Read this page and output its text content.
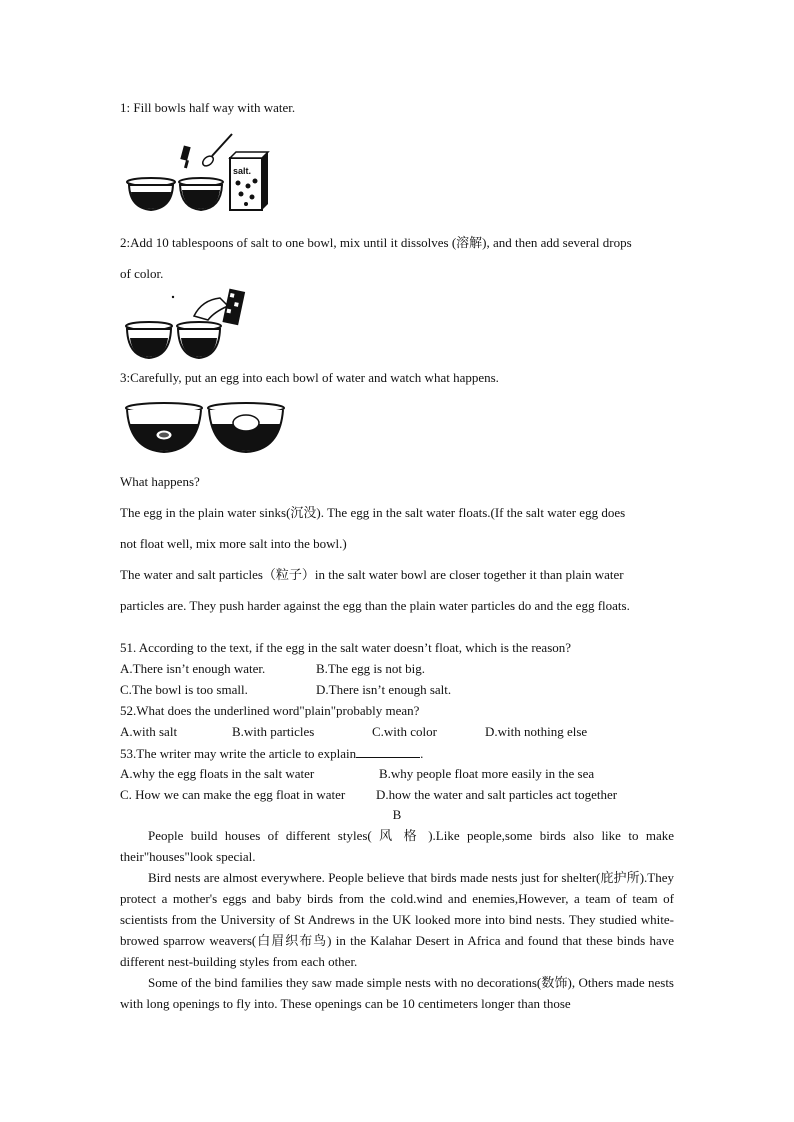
1: Fill bowls half way with water.
salt.
2:Add 10 tablespoons of salt to one bowl, mix until it dissolves (溶解), and then add several drops
of color.
3:Carefully, put an egg into each bowl of water and watch what happens.
What happens?
The egg in the plain water sinks(沉没). The egg in the salt water floats.(If the salt water egg does
not float well, mix more salt into the bowl.)
The water and salt particles（粒子）in the salt water bowl are closer together it than plain water
particles are. They push harder against the egg than the plain water particles do and the egg floats.
51. According to the text, if the egg in the salt water doesn’t float, which is the reason?
A.There isn’t enough water.	B.The egg is not big.
C.The bowl is too small.	D.There isn’t enough salt.
52.What does the underlined word"plain"probably mean?
A.with salt	B.with particles	C.with color	D.with nothing else
53.The writer may write the article to explain	.
A.why the egg floats in the salt water	B.why people float more easily in the sea
C. How we can make the egg float in water D.how the water and salt particles act together
B
People build houses of different styles( 风 格 ).Like people,some birds also like to make their"houses"look special.
Bird nests are almost everywhere. People believe that birds made nests just for shelter(庇护所).They protect a mother's eggs and baby birds from the cold.wind and enemies,However, a team of team of scientists from the University of St Andrews in the UK looked more into bind nests. They studied white-browed sparrow weavers(白眉织布鸟) in the Kalahar Desert in Africa and found that these binds have different nest-building styles from each other.
Some of the bind families they saw made simple nests with no decorations(数饰), Others made nests with long openings to fly into. These openings can be 10 centimeters longer than those
